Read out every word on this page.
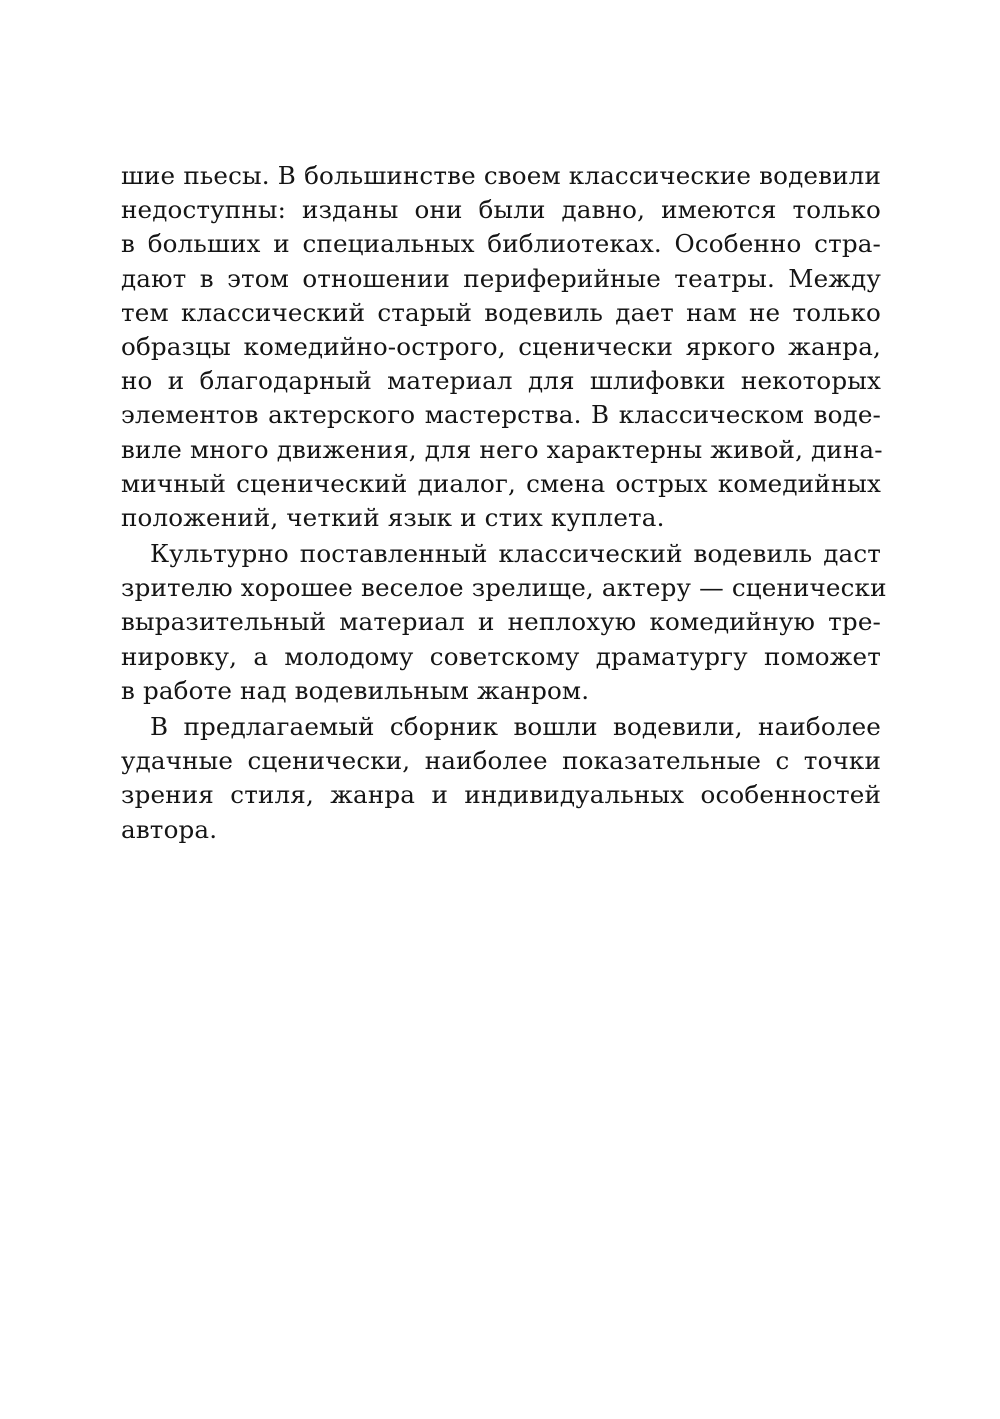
шие пьесы. В большинстве своем классические водевили
недоступны: изданы они были давно, имеются только
в больших и специальных библиотеках. Особенно стра-
дают в этом отношении периферийные театры. Между
тем классический старый водевиль дает нам не только
образцы комедийно-острого, сценически яркого жанра,
но и благодарный материал для шлифовки некоторых
элементов актерского мастерства. В классическом воде-
виле много движения, для него характерны живой, дина-
мичный сценический диалог, смена острых комедийных
положений, четкий язык и стих куплета.
Культурно поставленный классический водевиль даст
зрителю хорошее веселое зрелище, актеру — сценически
выразительный материал и неплохую комедийную тре-
нировку, а молодому советскому драматургу поможет
в работе над водевильным жанром.
В предлагаемый сборник вошли водевили, наиболее
удачные сценически, наиболее показательные с точки
зрения стиля, жанра и индивидуальных особенностей
автора.
